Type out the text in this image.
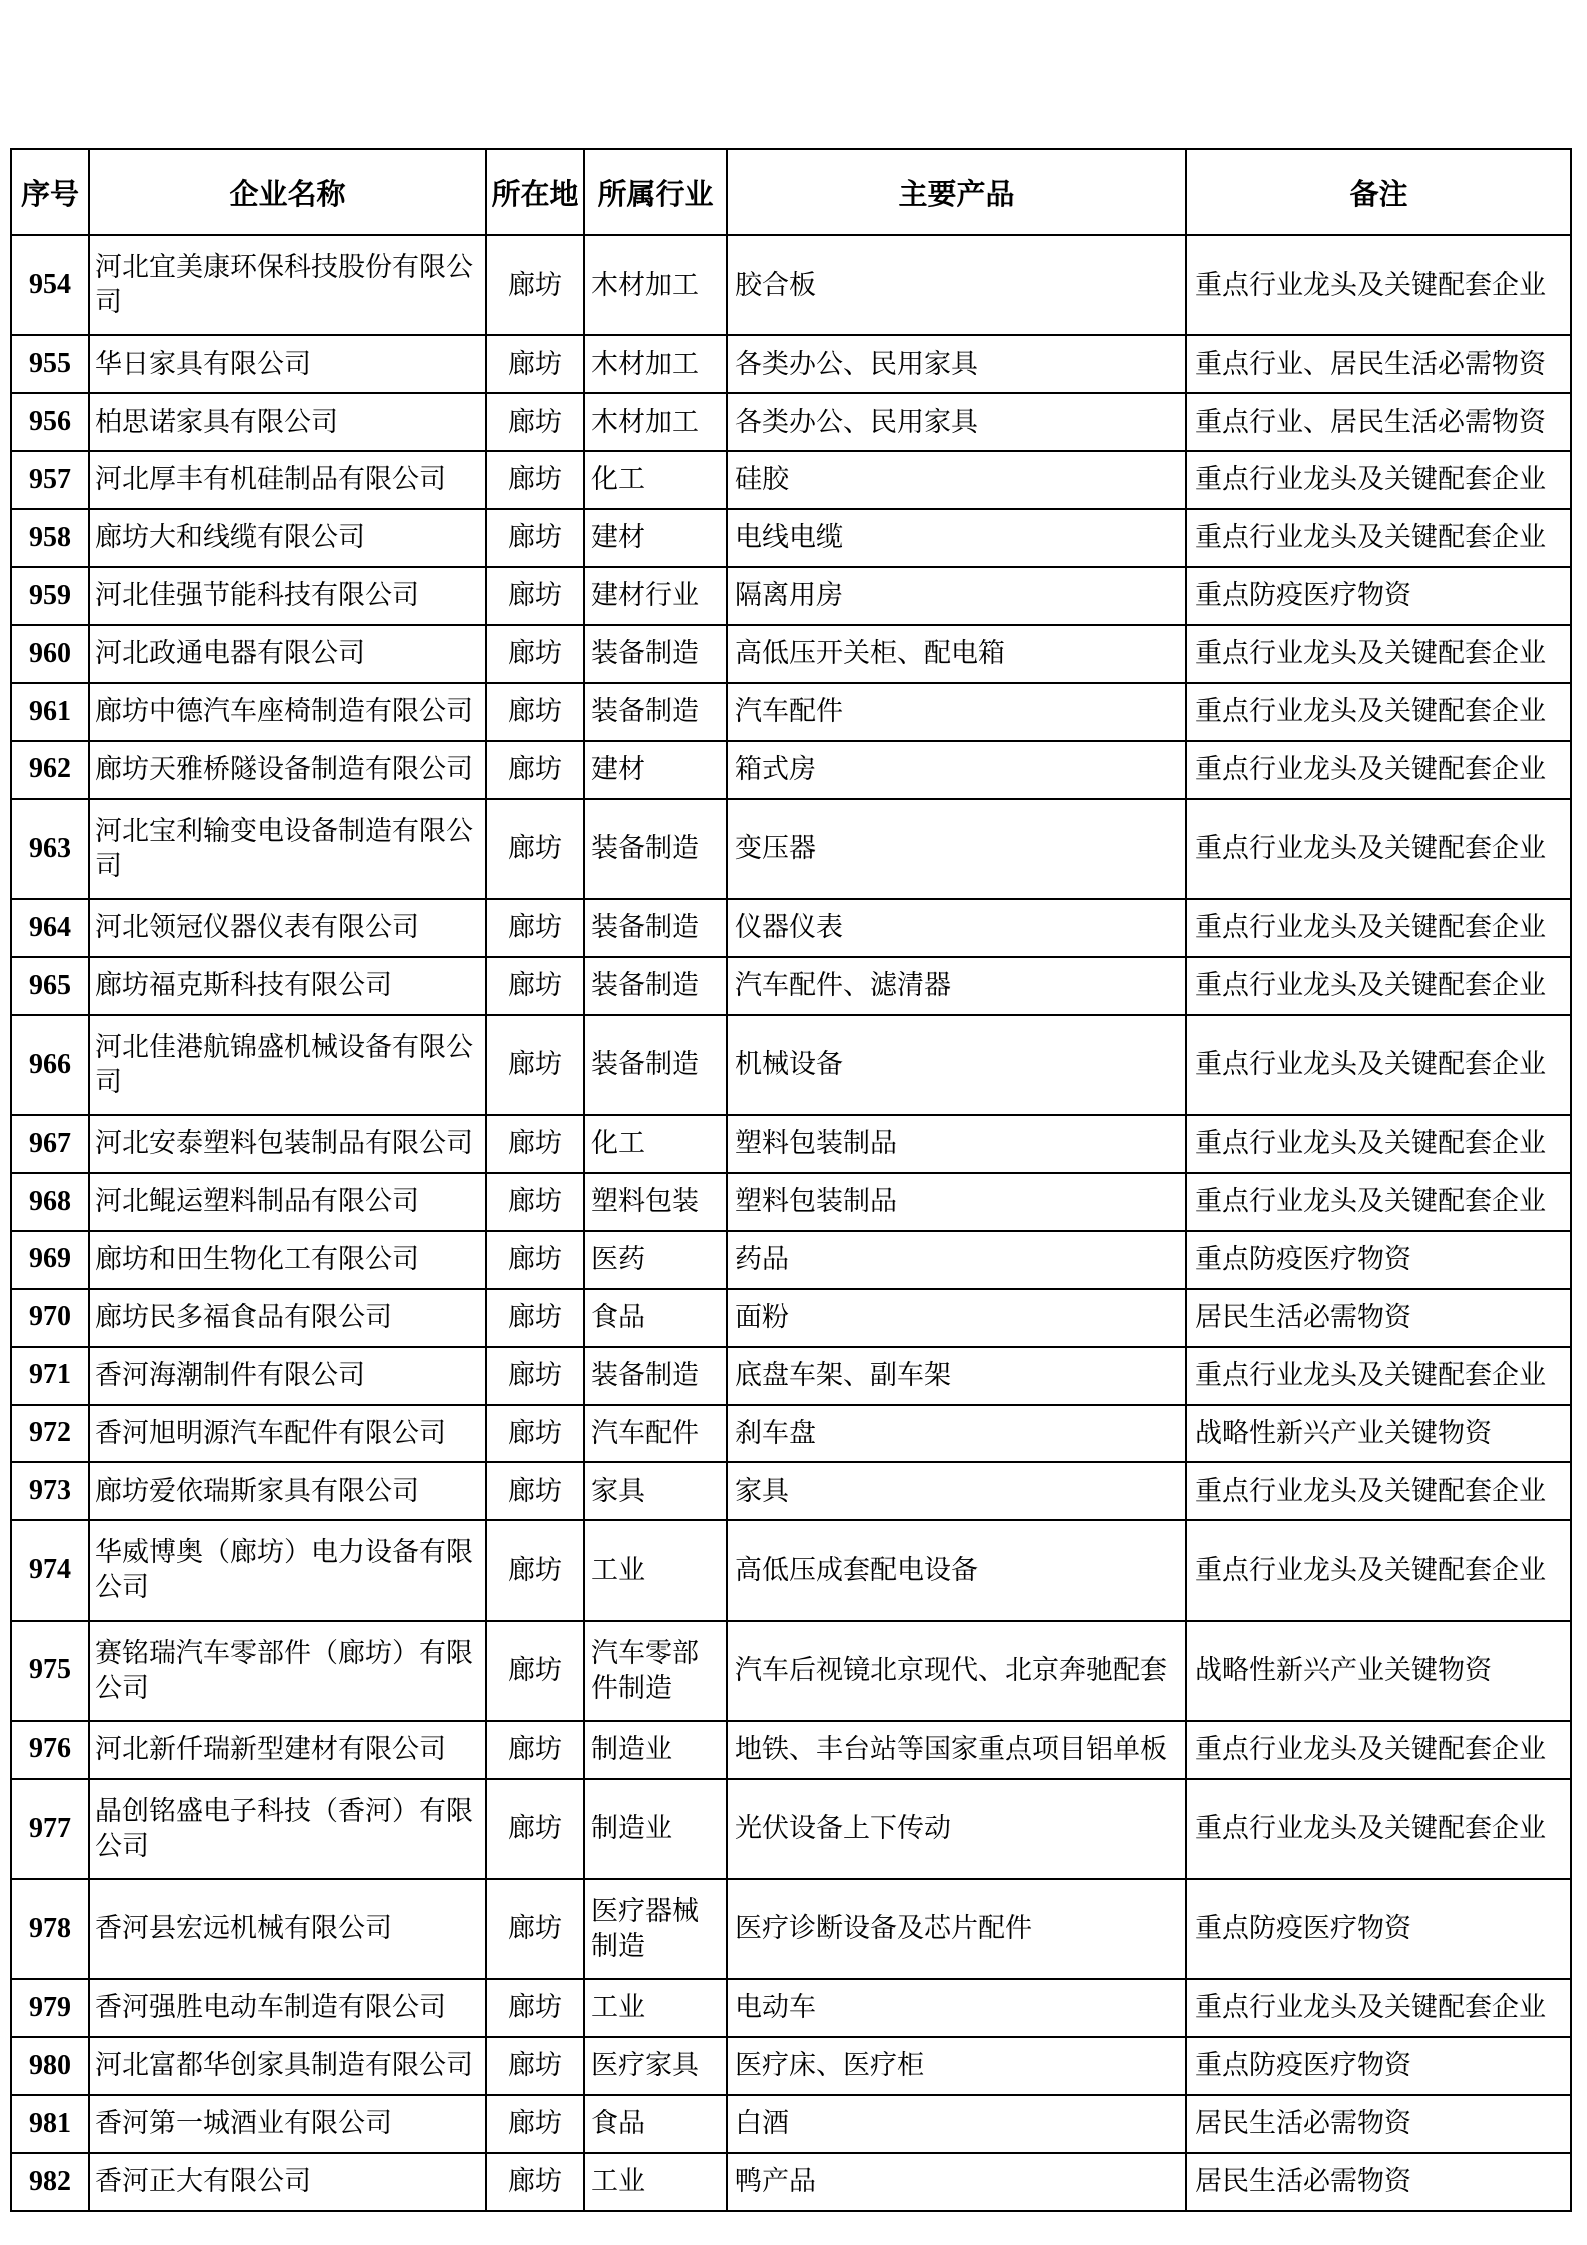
序号	企业名称	所在地	所属行业	主要产品	备注
954	河北宜美康环保科技股份有限公司	廊坊	木材加工	胶合板	重点行业龙头及关键配套企业
955	华日家具有限公司	廊坊	木材加工	各类办公、民用家具	重点行业、居民生活必需物资
956	柏思诺家具有限公司	廊坊	木材加工	各类办公、民用家具	重点行业、居民生活必需物资
957	河北厚丰有机硅制品有限公司	廊坊	化工	硅胶	重点行业龙头及关键配套企业
958	廊坊大和线缆有限公司	廊坊	建材	电线电缆	重点行业龙头及关键配套企业
959	河北佳强节能科技有限公司	廊坊	建材行业	隔离用房	重点防疫医疗物资
960	河北政通电器有限公司	廊坊	装备制造	高低压开关柜、配电箱	重点行业龙头及关键配套企业
961	廊坊中德汽车座椅制造有限公司	廊坊	装备制造	汽车配件	重点行业龙头及关键配套企业
962	廊坊天雅桥隧设备制造有限公司	廊坊	建材	箱式房	重点行业龙头及关键配套企业
963	河北宝利输变电设备制造有限公司	廊坊	装备制造	变压器	重点行业龙头及关键配套企业
964	河北领冠仪器仪表有限公司	廊坊	装备制造	仪器仪表	重点行业龙头及关键配套企业
965	廊坊福克斯科技有限公司	廊坊	装备制造	汽车配件、滤清器	重点行业龙头及关键配套企业
966	河北佳港航锦盛机械设备有限公司	廊坊	装备制造	机械设备	重点行业龙头及关键配套企业
967	河北安泰塑料包装制品有限公司	廊坊	化工	塑料包装制品	重点行业龙头及关键配套企业
968	河北鲲运塑料制品有限公司	廊坊	塑料包装	塑料包装制品	重点行业龙头及关键配套企业
969	廊坊和田生物化工有限公司	廊坊	医药	药品	重点防疫医疗物资
970	廊坊民多福食品有限公司	廊坊	食品	面粉	居民生活必需物资
971	香河海潮制件有限公司	廊坊	装备制造	底盘车架、副车架	重点行业龙头及关键配套企业
972	香河旭明源汽车配件有限公司	廊坊	汽车配件	刹车盘	战略性新兴产业关键物资
973	廊坊爱依瑞斯家具有限公司	廊坊	家具	家具	重点行业龙头及关键配套企业
974	华威博奥（廊坊）电力设备有限公司	廊坊	工业	高低压成套配电设备	重点行业龙头及关键配套企业
975	赛铭瑞汽车零部件（廊坊）有限公司	廊坊	汽车零部件制造	汽车后视镜北京现代、北京奔驰配套	战略性新兴产业关键物资
976	河北新仟瑞新型建材有限公司	廊坊	制造业	地铁、丰台站等国家重点项目铝单板	重点行业龙头及关键配套企业
977	晶创铭盛电子科技（香河）有限公司	廊坊	制造业	光伏设备上下传动	重点行业龙头及关键配套企业
978	香河县宏远机械有限公司	廊坊	医疗器械制造	医疗诊断设备及芯片配件	重点防疫医疗物资
979	香河强胜电动车制造有限公司	廊坊	工业	电动车	重点行业龙头及关键配套企业
980	河北富都华创家具制造有限公司	廊坊	医疗家具	医疗床、医疗柜	重点防疫医疗物资
981	香河第一城酒业有限公司	廊坊	食品	白酒	居民生活必需物资
982	香河正大有限公司	廊坊	工业	鸭产品	居民生活必需物资
